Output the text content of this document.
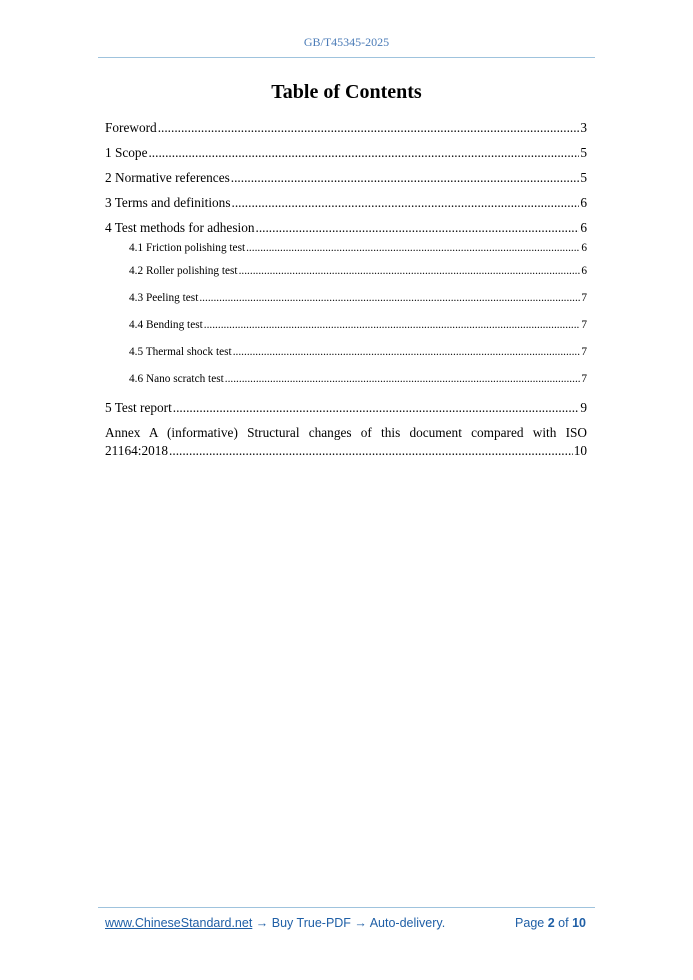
GB/T45345-2025
Table of Contents
Foreword .....	3
1 Scope .....	5
2 Normative references .....	5
3 Terms and definitions .....	6
4 Test methods for adhesion .....	6
4.1 Friction polishing test .....	6
4.2 Roller polishing test .....	6
4.3 Peeling test .....	7
4.4 Bending test .....	7
4.5 Thermal shock test .....	7
4.6 Nano scratch test .....	7
5 Test report .....	9
Annex A (informative) Structural changes of this document compared with ISO
21164:2018 .....	10
www.ChineseStandard.net → Buy True-PDF → Auto-delivery.	Page 2 of 10
